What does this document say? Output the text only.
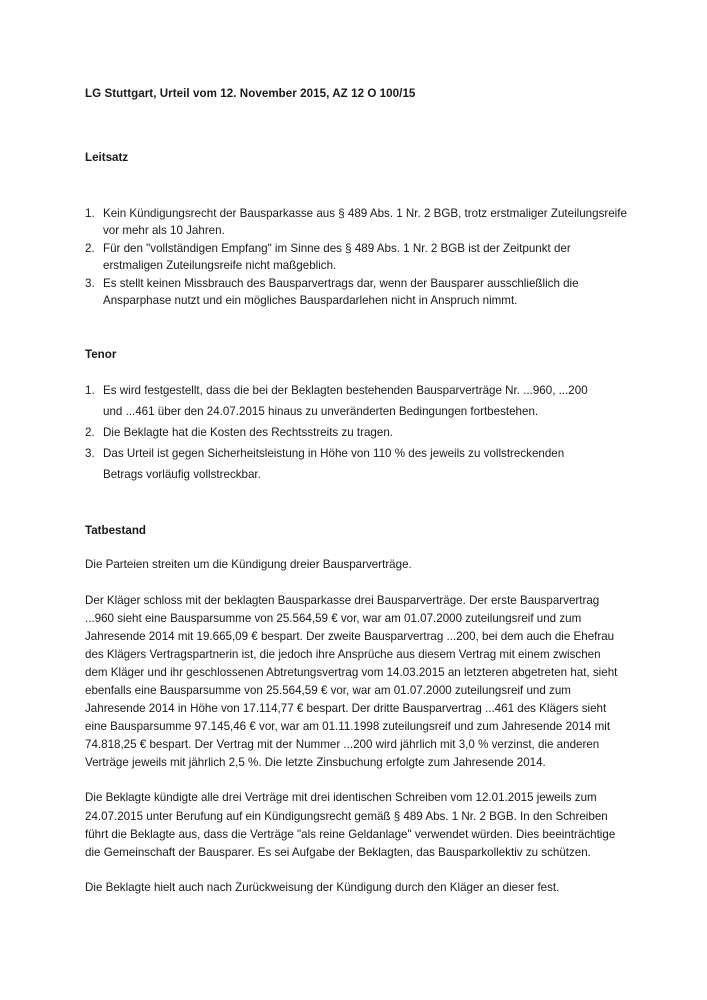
LG Stuttgart, Urteil vom 12. November 2015, AZ 12 O 100/15
Leitsatz
1. Kein Kündigungsrecht der Bausparkasse aus § 489 Abs. 1 Nr. 2 BGB, trotz erstmaliger Zuteilungsreife vor mehr als 10 Jahren.
2. Für den "vollständigen Empfang" im Sinne des § 489 Abs. 1 Nr. 2 BGB ist der Zeitpunkt der erstmaligen Zuteilungsreife nicht maßgeblich.
3. Es stellt keinen Missbrauch des Bausparvertrags dar, wenn der Bausparer ausschließlich die Ansparphase nutzt und ein mögliches Bauspardarlehen nicht in Anspruch nimmt.
Tenor
1. Es wird festgestellt, dass die bei der Beklagten bestehenden Bausparverträge Nr. ...960, ...200 und ...461 über den 24.07.2015 hinaus zu unveränderten Bedingungen fortbestehen.
2. Die Beklagte hat die Kosten des Rechtsstreits zu tragen.
3. Das Urteil ist gegen Sicherheitsleistung in Höhe von 110 % des jeweils zu vollstreckenden Betrags vorläufig vollstreckbar.
Tatbestand

Die Parteien streiten um die Kündigung dreier Bausparverträge.

Der Kläger schloss mit der beklagten Bausparkasse drei Bausparverträge. Der erste Bausparvertrag ...960 sieht eine Bausparsumme von 25.564,59 € vor, war am 01.07.2000 zuteilungsreif und zum Jahresende 2014 mit 19.665,09 € bespart. Der zweite Bausparvertrag ...200, bei dem auch die Ehefrau des Klägers Vertragspartnerin ist, die jedoch ihre Ansprüche aus diesem Vertrag mit einem zwischen dem Kläger und ihr geschlossenen Abtretungsvertrag vom 14.03.2015 an letzteren abgetreten hat, sieht ebenfalls eine Bausparsumme von 25.564,59 € vor, war am 01.07.2000 zuteilungsreif und zum Jahresende 2014 in Höhe von 17.114,77 € bespart. Der dritte Bausparvertrag ...461 des Klägers sieht eine Bausparsumme 97.145,46 € vor, war am 01.11.1998 zuteilungsreif und zum Jahresende 2014 mit 74.818,25 € bespart. Der Vertrag mit der Nummer ...200 wird jährlich mit 3,0 % verzinst, die anderen Verträge jeweils mit jährlich 2,5 %. Die letzte Zinsbuchung erfolgte zum Jahresende 2014.

Die Beklagte kündigte alle drei Verträge mit drei identischen Schreiben vom 12.01.2015 jeweils zum 24.07.2015 unter Berufung auf ein Kündigungsrecht gemäß § 489 Abs. 1 Nr. 2 BGB. In den Schreiben führt die Beklagte aus, dass die Verträge "als reine Geldanlage" verwendet würden. Dies beeinträchtige die Gemeinschaft der Bausparer. Es sei Aufgabe der Beklagten, das Bausparkollektiv zu schützen.

Die Beklagte hielt auch nach Zurückweisung der Kündigung durch den Kläger an dieser fest.
